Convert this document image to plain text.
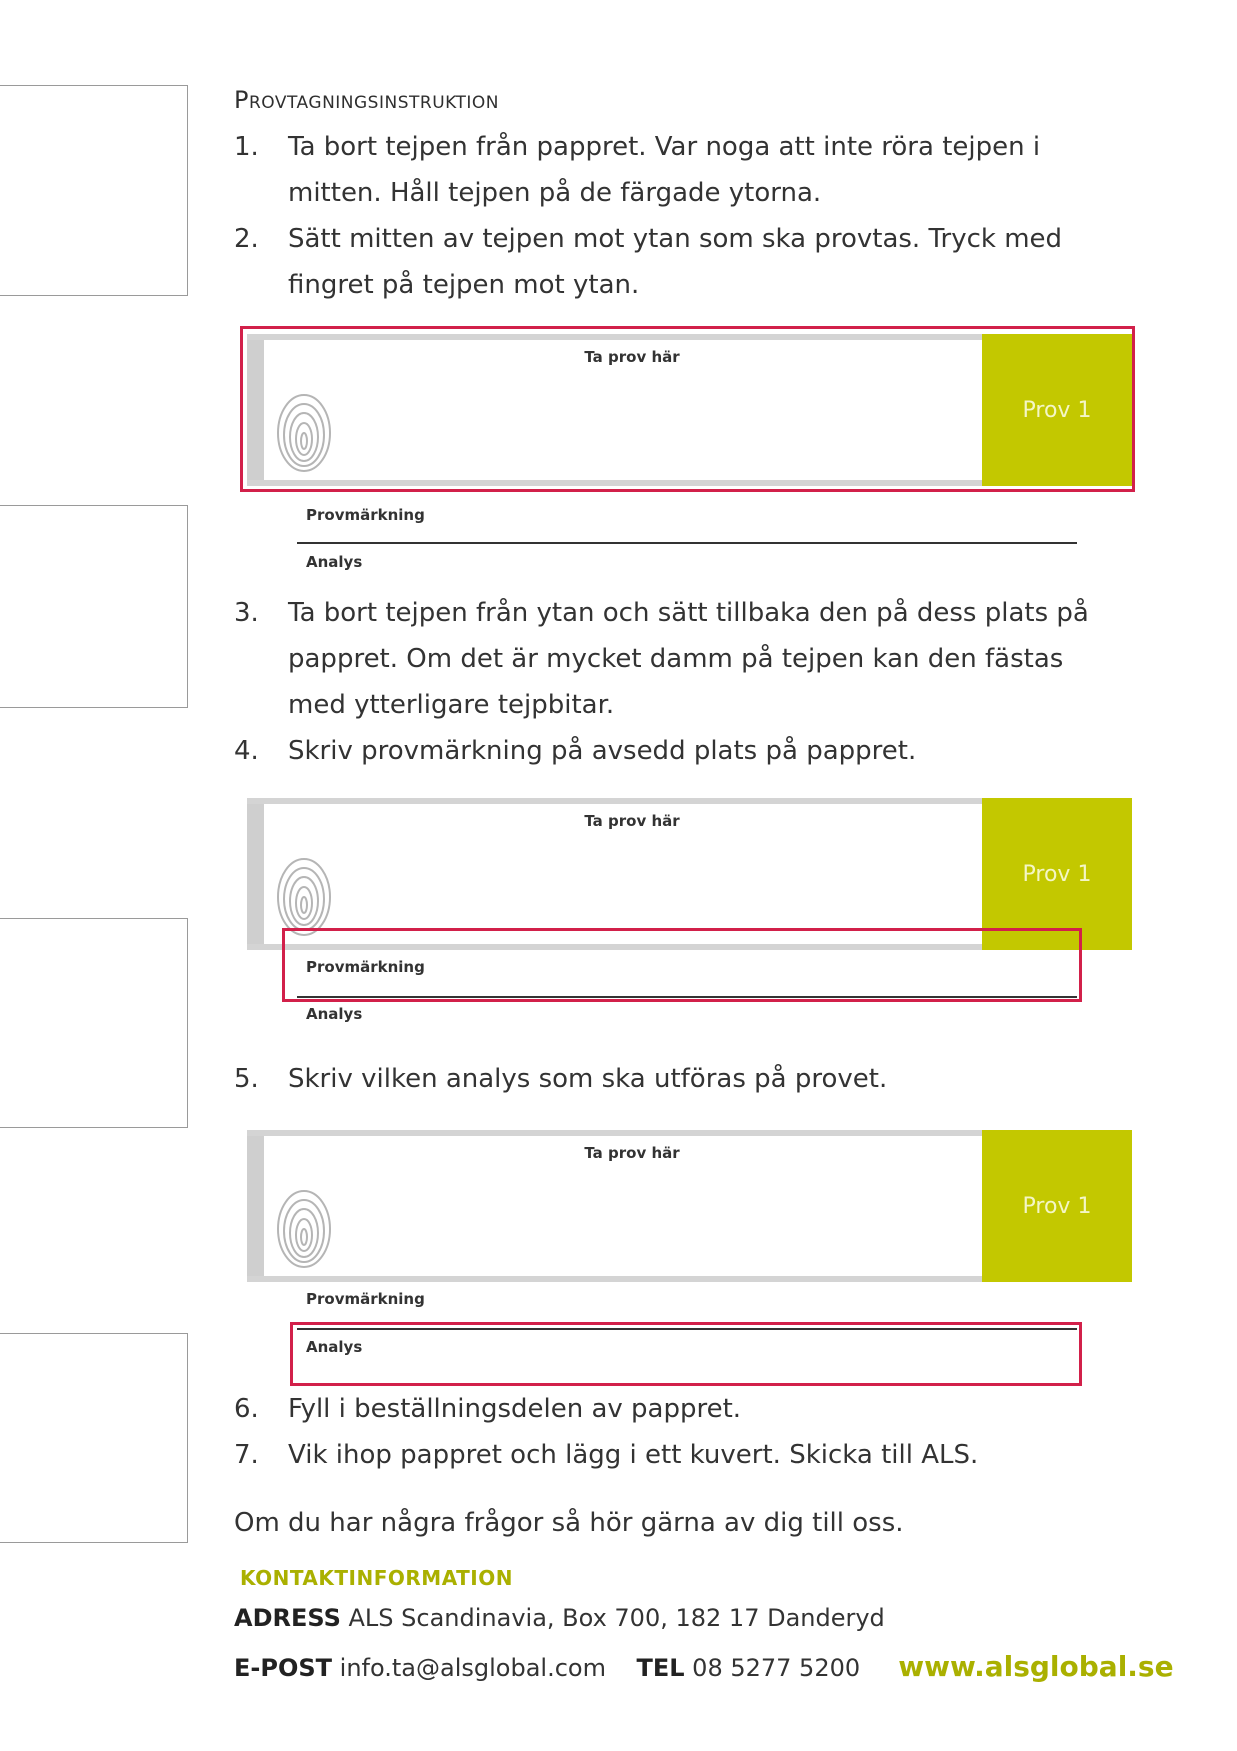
Provtagningsinstruktion
1. Ta bort tejpen från pappret. Var noga att inte röra tejpen i mitten. Håll tejpen på de färgade ytorna.
2. Sätt mitten av tejpen mot ytan som ska provtas. Tryck med fingret på tejpen mot ytan.
Ta prov här
Prov 1
Provmärkning
Analys
3. Ta bort tejpen från ytan och sätt tillbaka den på dess plats på pappret. Om det är mycket damm på tejpen kan den fästas med ytterligare tejpbitar.
4. Skriv provmärkning på avsedd plats på pappret.
Ta prov här
Prov 1
Provmärkning
Analys
5. Skriv vilken analys som ska utföras på provet.
Ta prov här
Prov 1
Provmärkning
Analys
6. Fyll i beställningsdelen av pappret.
7. Vik ihop pappret och lägg i ett kuvert. Skicka till ALS.
Om du har några frågor så hör gärna av dig till oss.
KONTAKTINFORMATION
ADRESS ALS Scandinavia, Box 700, 182 17 Danderyd
E-POST info.ta@alsglobal.com TEL 08 5277 5200 www.alsglobal.se
